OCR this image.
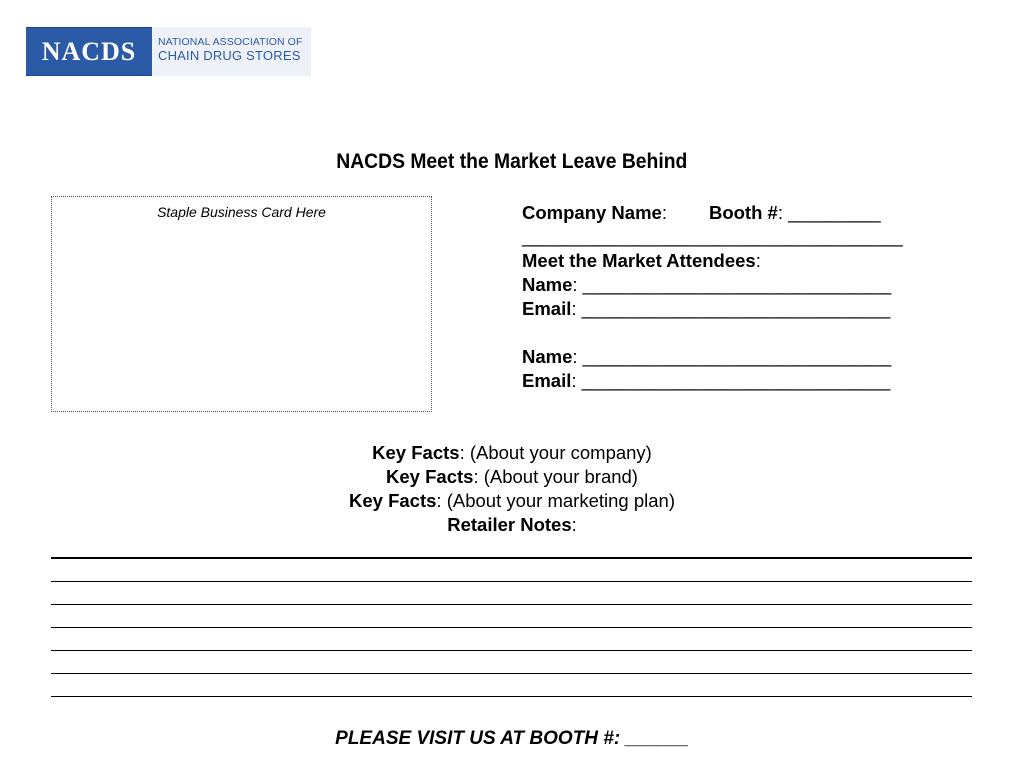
NACDS	NATIONAL ASSOCIATION OF
CHAIN DRUG STORES
NACDS Meet the Market Leave Behind
Staple Business Card Here	Company Name: Booth #: _________
_____________________________________
Meet the Market Attendees:
Name: ______________________________
Email: ______________________________
Name: ______________________________
Email: ______________________________
Key Facts: (About your company)
Key Facts: (About your brand)
Key Facts: (About your marketing plan)
Retailer Notes:
PLEASE VISIT US AT BOOTH #: ______
